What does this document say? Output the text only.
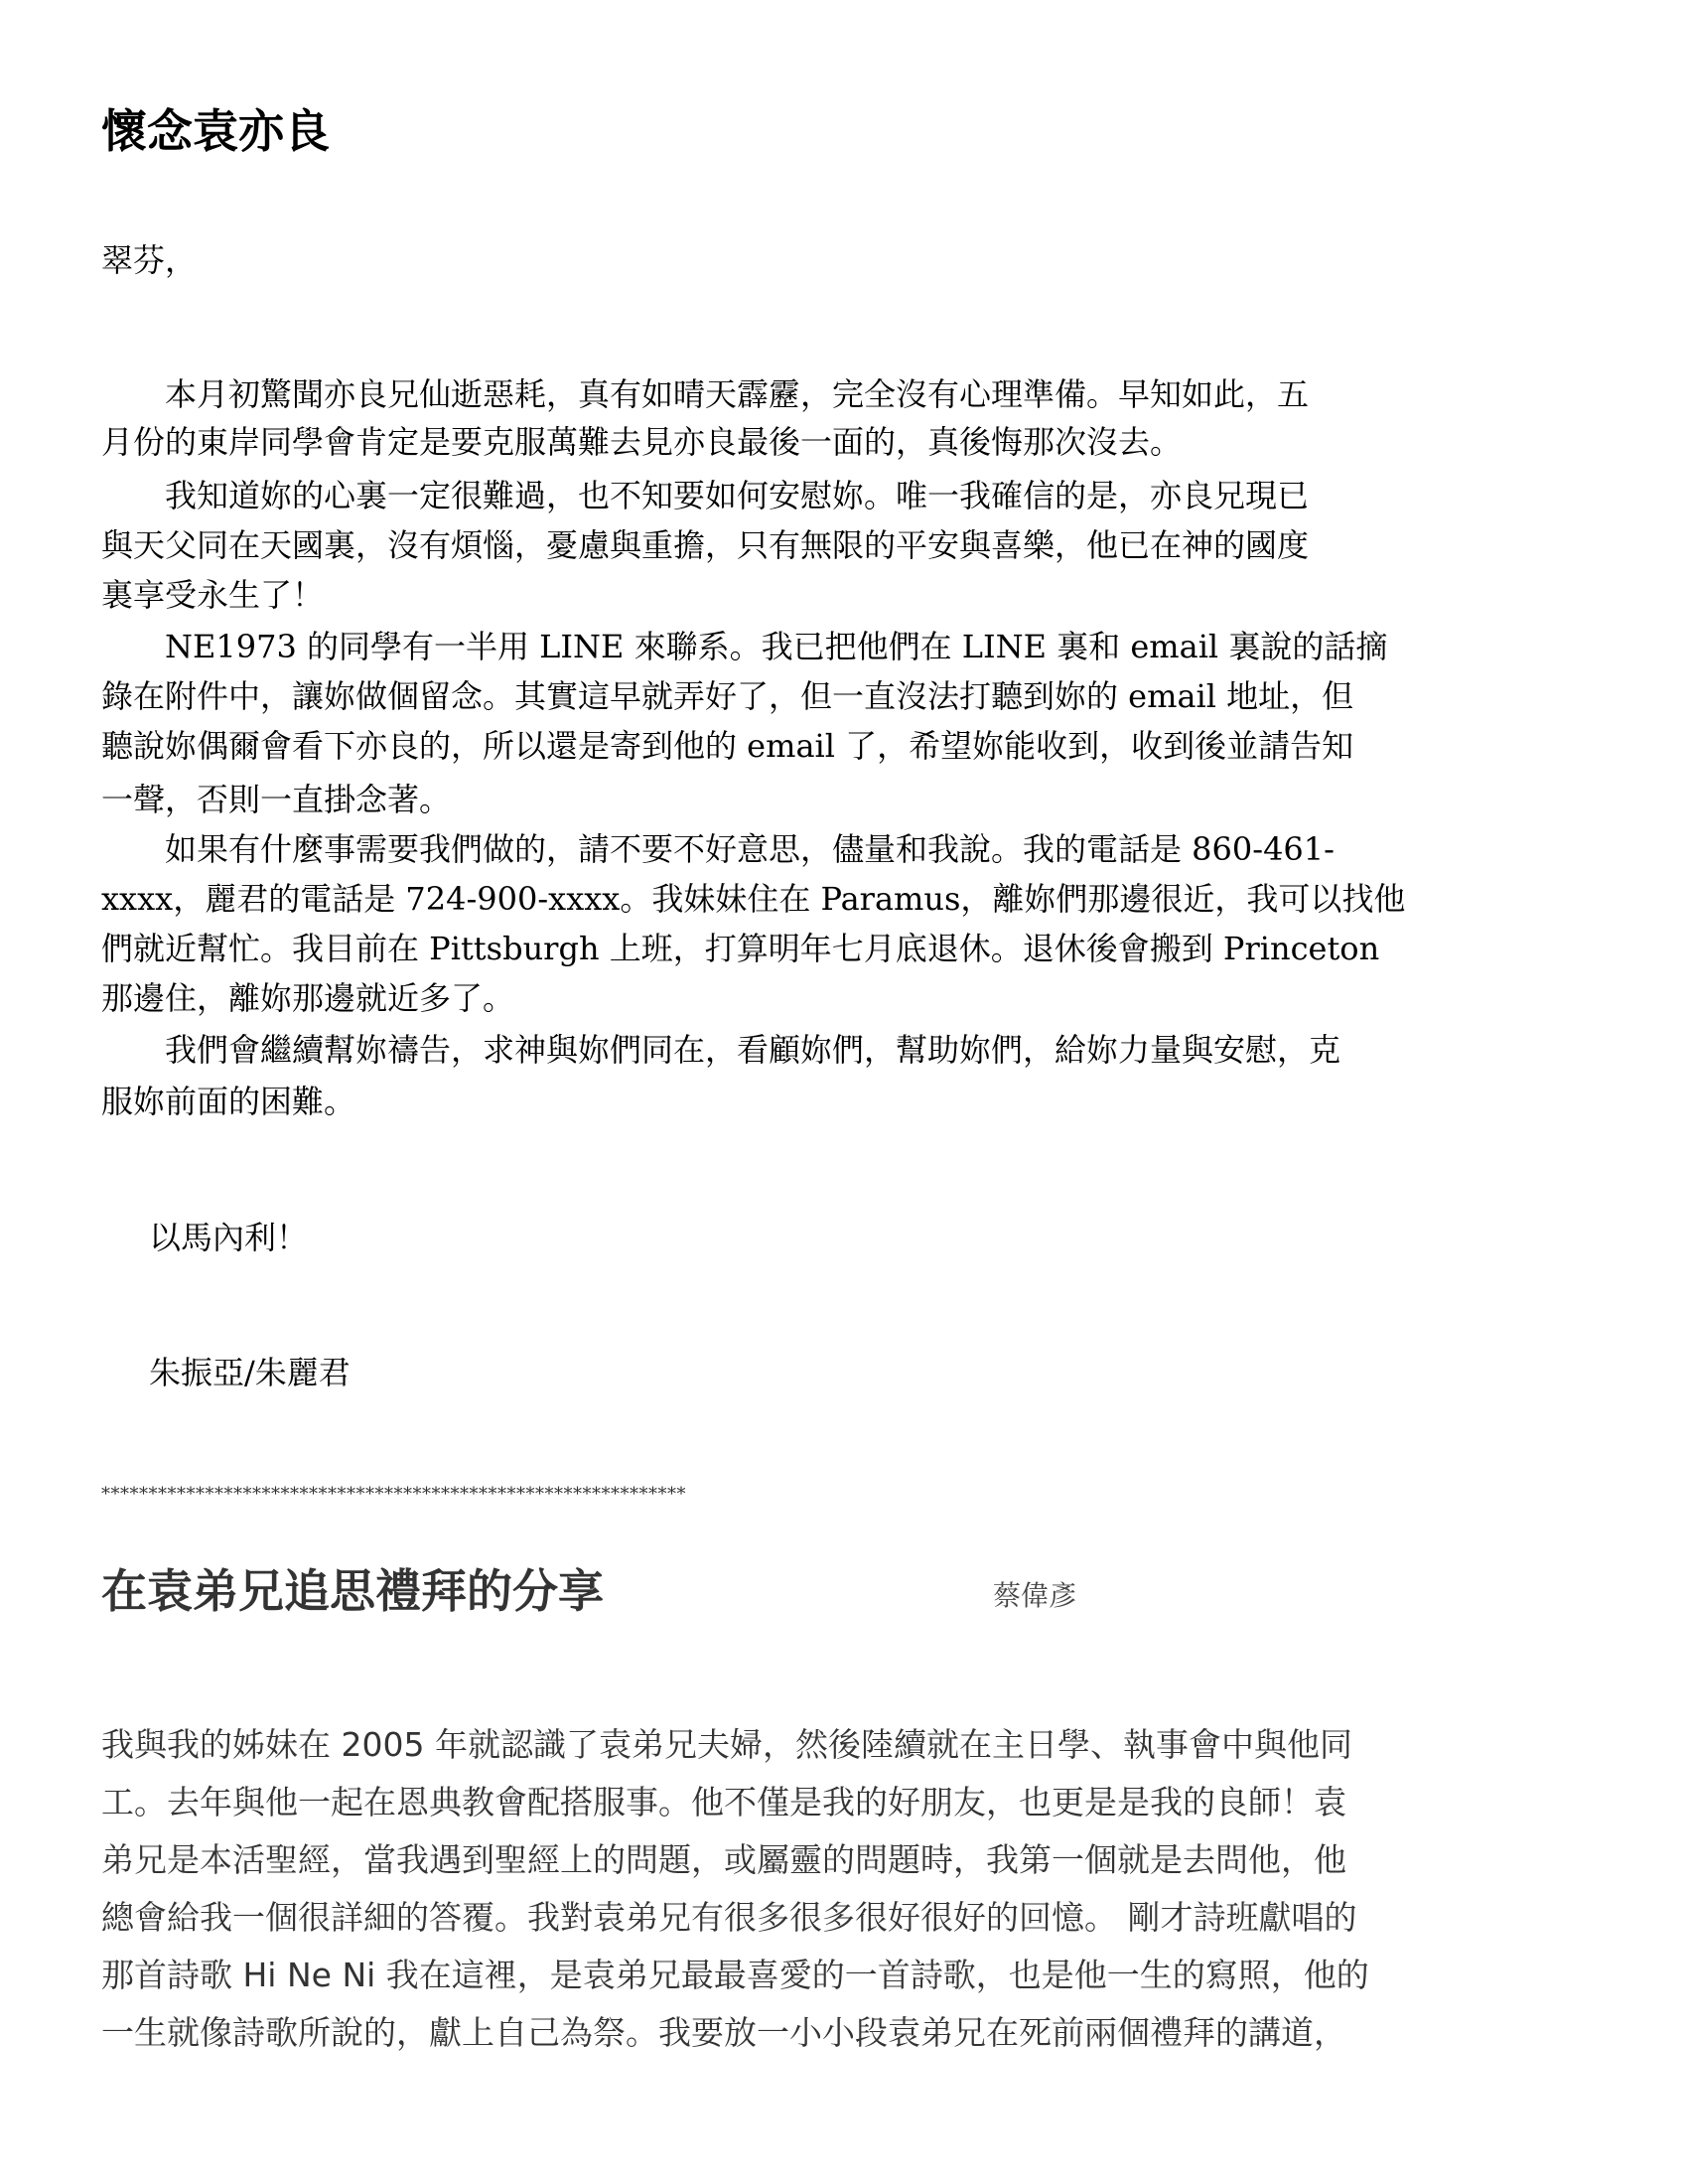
懷念袁亦良
翠芬，
　　本月初驚聞亦良兄仙逝惡耗，真有如晴天霹靂，完全沒有心理準備。早知如此，五
月份的東岸同學會肯定是要克服萬難去見亦良最後一面的，真後悔那次沒去。
　　我知道妳的心裏一定很難過，也不知要如何安慰妳。唯一我確信的是，亦良兄現已
與天父同在天國裏，沒有煩惱，憂慮與重擔，只有無限的平安與喜樂，他已在神的國度
裏享受永生了！
　　NE1973 的同學有一半用 LINE 來聯系。我已把他們在 LINE 裏和 email 裏說的話摘
錄在附件中，讓妳做個留念。其實這早就弄好了，但一直沒法打聽到妳的 email 地址，但
聽說妳偶爾會看下亦良的，所以還是寄到他的 email 了，希望妳能收到，收到後並請告知
一聲，否則一直掛念著。
　　如果有什麼事需要我們做的，請不要不好意思，儘量和我說。我的電話是 860-461-
xxxx，麗君的電話是 724-900-xxxx。我妹妹住在 Paramus，離妳們那邊很近，我可以找他
們就近幫忙。我目前在 Pittsburgh 上班，打算明年七月底退休。退休後會搬到 Princeton
那邊住，離妳那邊就近多了。
　　我們會繼續幫妳禱告，求神與妳們同在，看顧妳們，幫助妳們，給妳力量與安慰，克
服妳前面的困難。
以馬內利！
朱振亞/朱麗君
**************************************************************
在袁弟兄追思禮拜的分享	蔡偉彥
我與我的姊妹在 2005 年就認識了袁弟兄夫婦，然後陸續就在主日學、執事會中與他同
工。去年與他一起在恩典教會配搭服事。他不僅是我的好朋友，也更是是我的良師！袁
弟兄是本活聖經，當我遇到聖經上的問題，或屬靈的問題時，我第一個就是去問他，他
總會給我一個很詳細的答覆。我對袁弟兄有很多很多很好很好的回憶。 剛才詩班獻唱的
那首詩歌 Hi Ne Ni 我在這裡，是袁弟兄最最喜愛的一首詩歌，也是他一生的寫照，他的
一生就像詩歌所說的，獻上自己為祭。我要放一小小段袁弟兄在死前兩個禮拜的講道，
